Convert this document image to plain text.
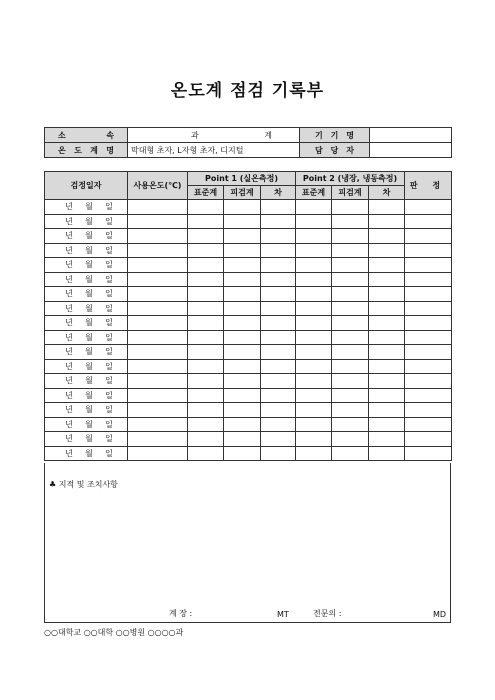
온도계 점검 기록부
소 속	과 계	기 기 명	

온 도 계 명	막대형 초자, L자형 초자, 디지털	담 당 자	

검정일자	사용온도(℃)	Point 1 (실온측정)			Point 2 (냉장, 냉동측정)			판 정
		표준계	피검계	차	표준계	피검계	차	

년 월 일								

년 월 일								

년 월 일								

년 월 일								

년 월 일								

년 월 일								

년 월 일								

년 월 일								

년 월 일								

년 월 일								

년 월 일								

년 월 일								

년 월 일								

년 월 일								

년 월 일								

년 월 일								

년 월 일								

년 월 일								

♣ 지적 및 조치사항
계 장 :	MT	전문의 :	MD
○○대학교 ○○대학 ○○병원 ○○○○과
